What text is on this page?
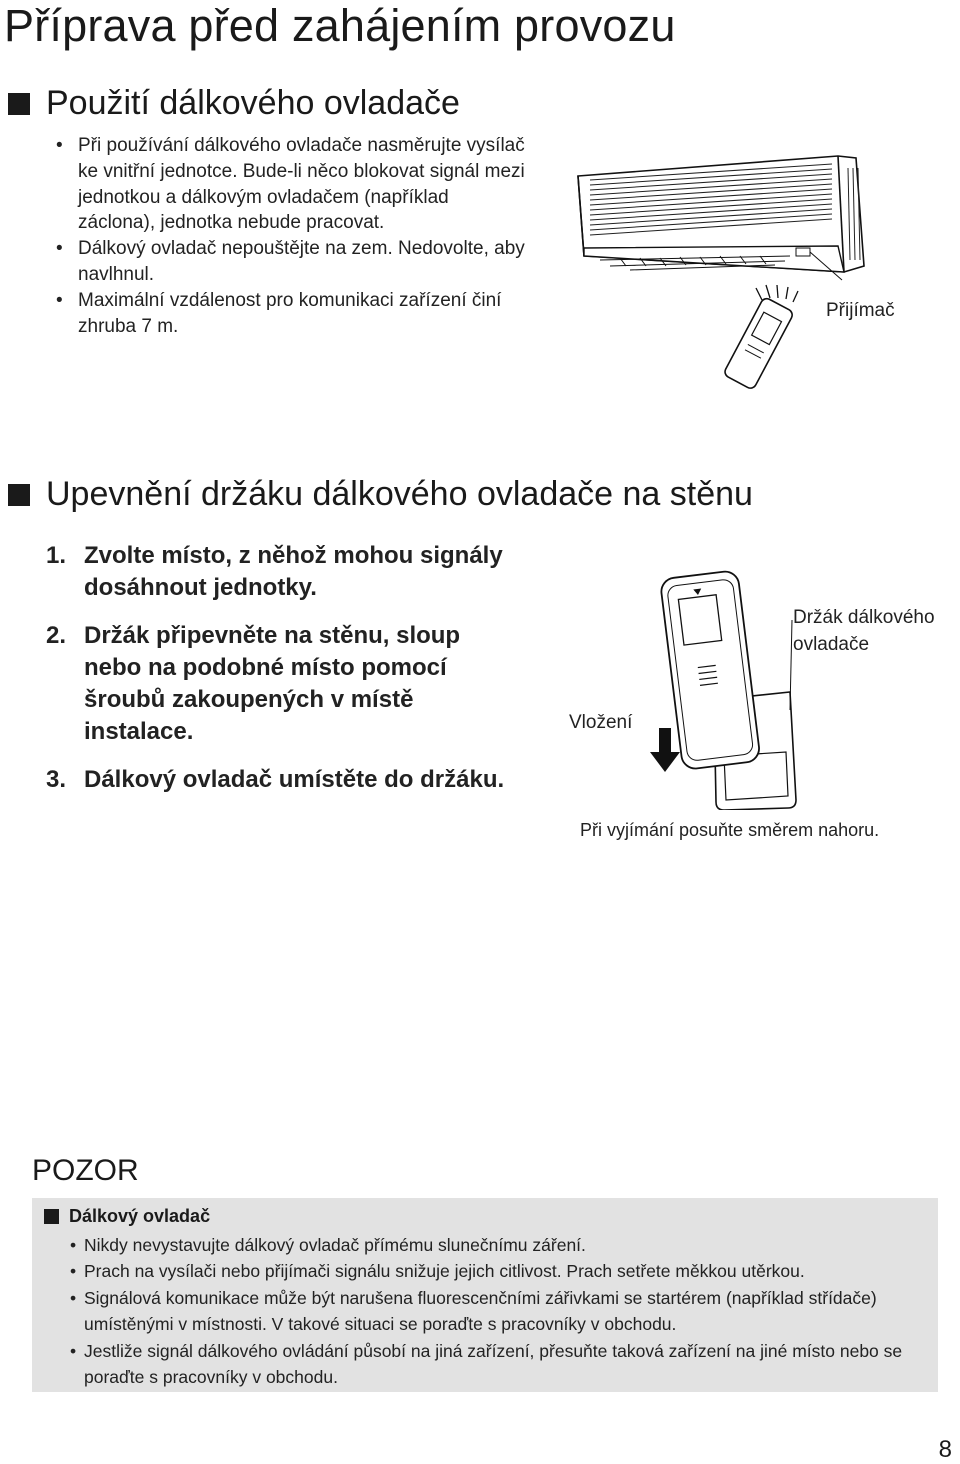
Příprava před zahájením provozu
Použití dálkového ovladače
• Při používání dálkového ovladače nasměrujte vysílač ke vnitřní jednotce. Bude-li něco blokovat signál mezi jednotkou a dálkovým ovladačem (například záclona), jednotka nebude pracovat.
• Dálkový ovladač nepouštějte na zem. Nedovolte, aby navlhnul.
• Maximální vzdálenost pro komunikaci zařízení činí zhruba 7 m.
Přijímač
Upevnění držáku dálkového ovladače na stěnu
1. Zvolte místo, z něhož mohou signály dosáhnout jednotky.
2. Držák připevněte na stěnu, sloup nebo na podobné místo pomocí šroubů zakoupených v místě instalace.
3. Dálkový ovladač umístěte do držáku.
Držák dálkového
ovladače
Vložení
Při vyjímání posuňte směrem nahoru.
POZOR
Dálkový ovladač
• Nikdy nevystavujte dálkový ovladač přímému slunečnímu záření.
• Prach na vysílači nebo přijímači signálu snižuje jejich citlivost. Prach setřete měkkou utěrkou.
• Signálová komunikace může být narušena fluorescenčními zářivkami se startérem (například střídače) umístěnými v místnosti. V takové situaci se poraďte s pracovníky v obchodu.
• Jestliže signál dálkového ovládání působí na jiná zařízení, přesuňte taková zařízení na jiné místo nebo se poraďte s pracovníky v obchodu.
8
